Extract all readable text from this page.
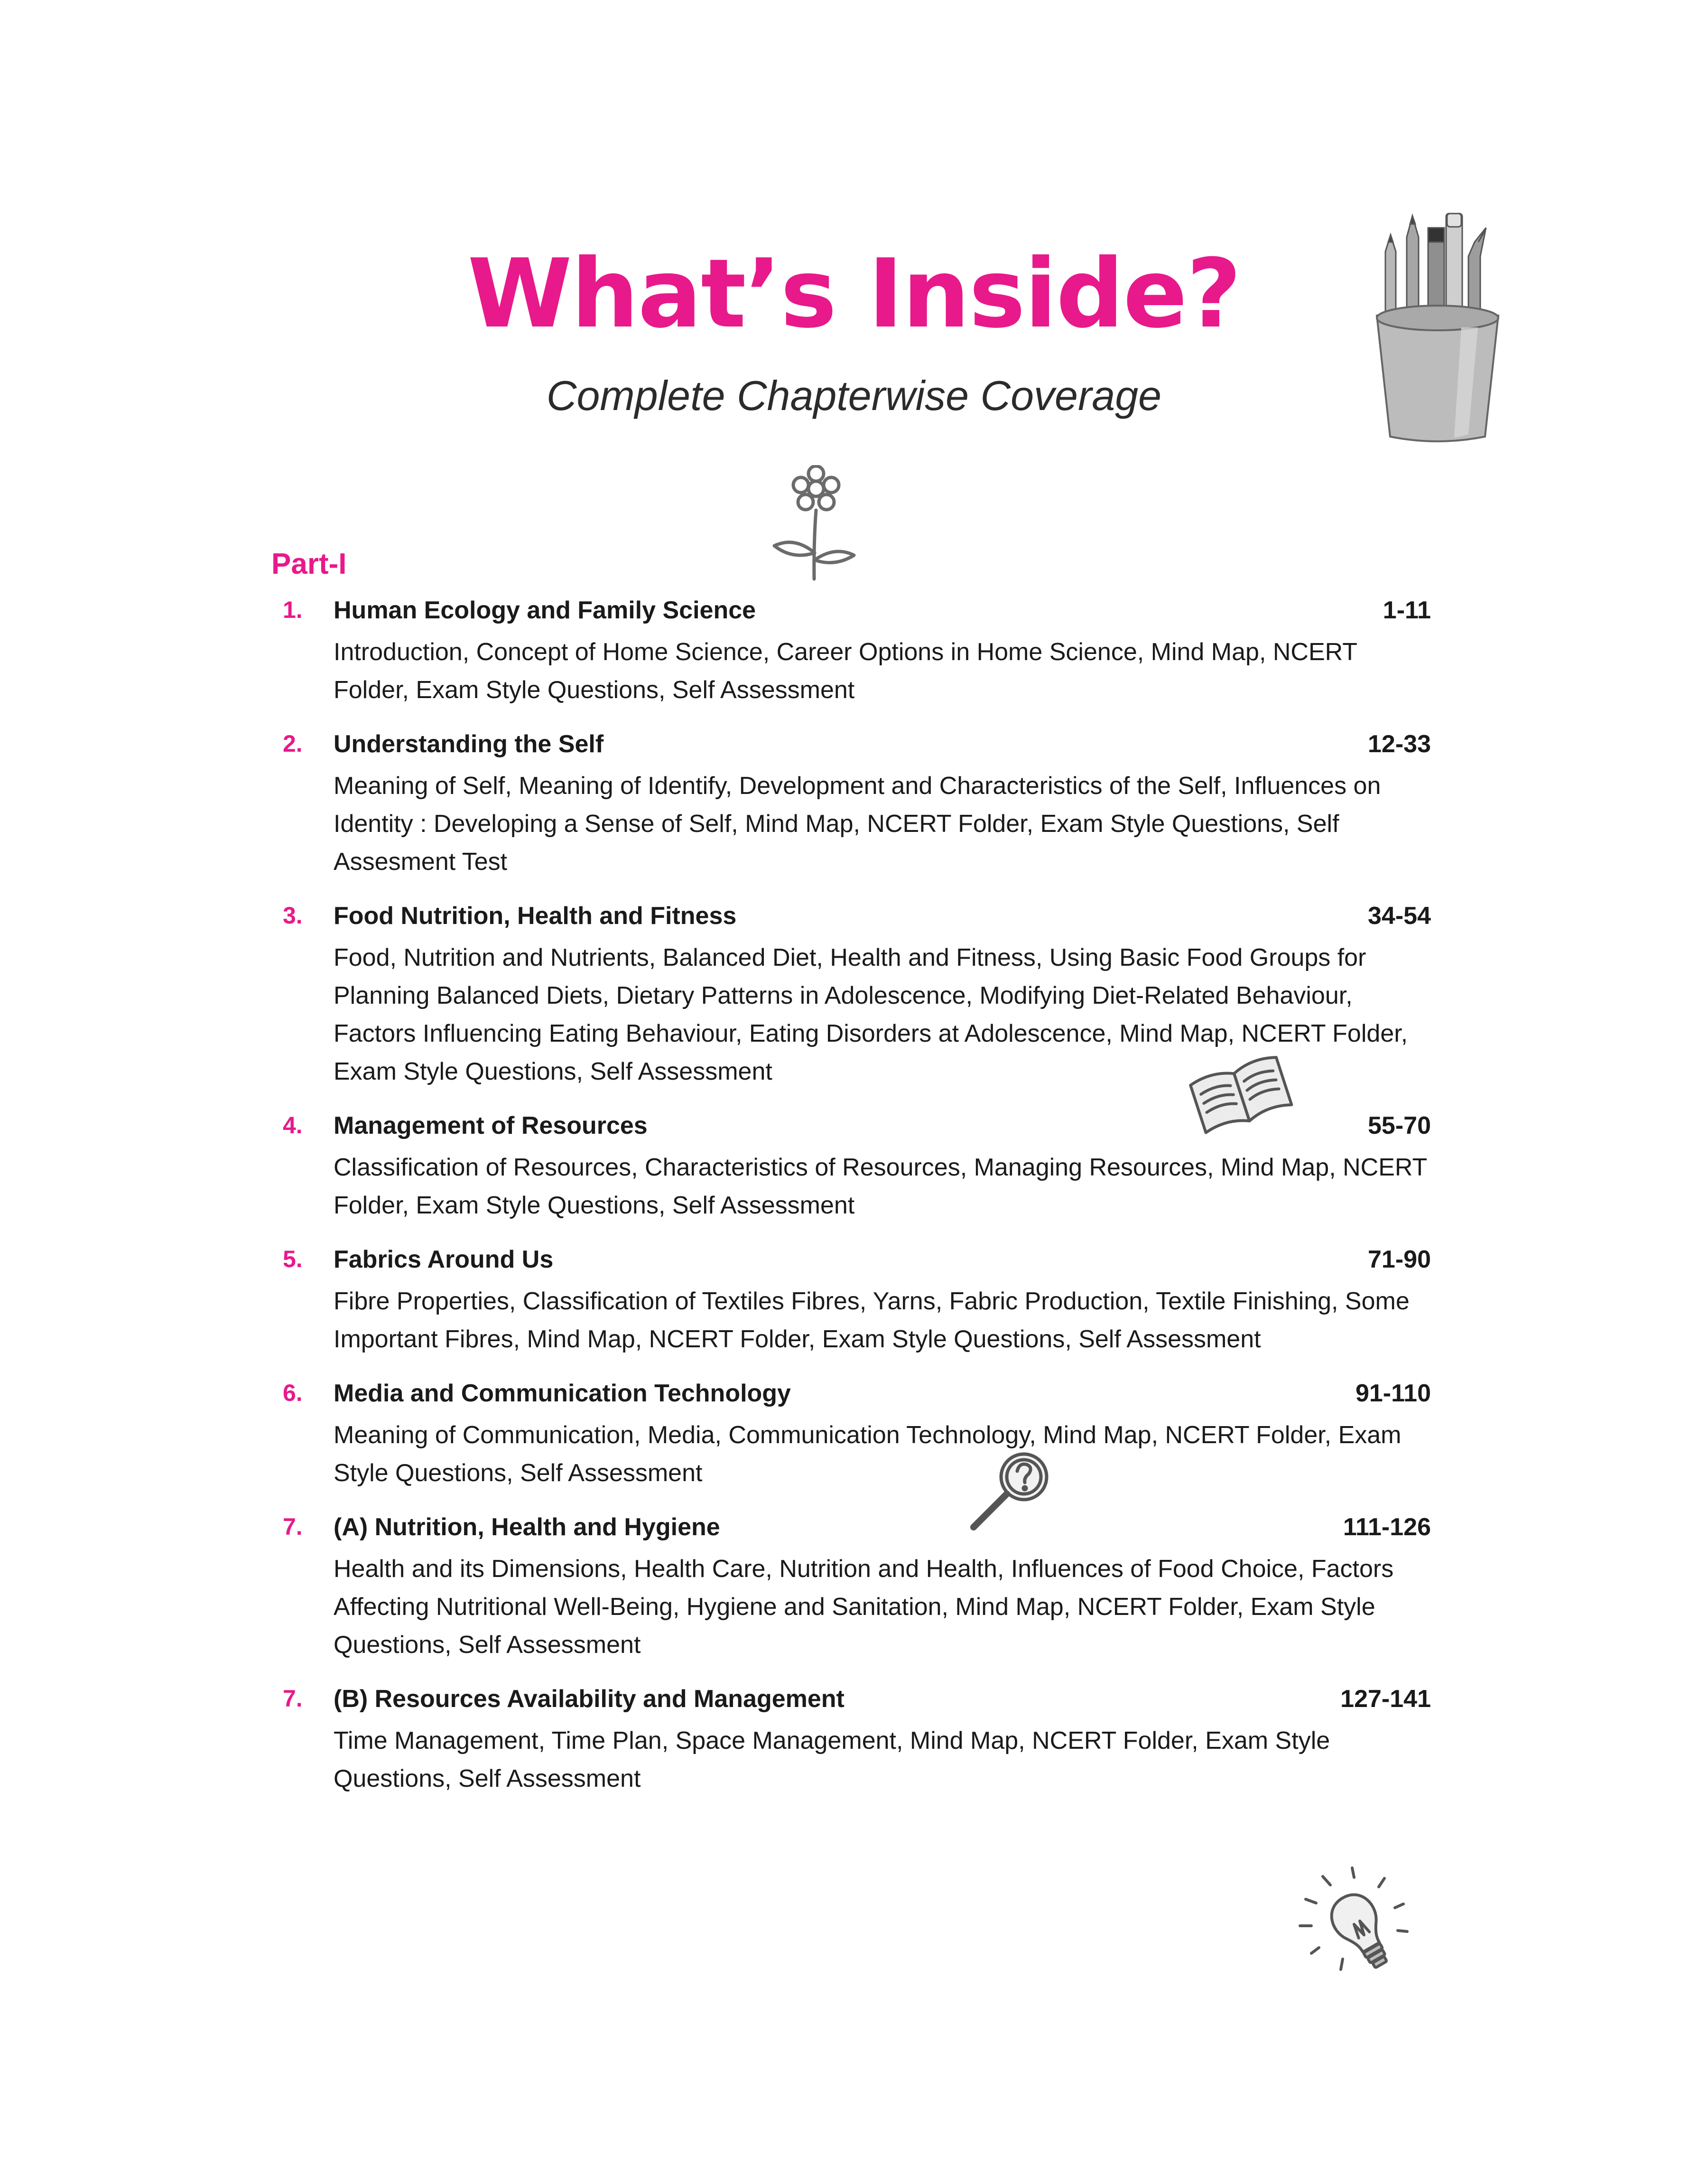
What’s Inside?
Complete Chapterwise Coverage
Part-I
1. Human Ecology and Family Science	1-11
Introduction, Concept of Home Science, Career Options in Home Science, Mind Map, NCERT Folder, Exam Style Questions, Self Assessment
2. Understanding the Self	12-33
Meaning of Self, Meaning of Identify, Development and Characteristics of the Self, Influences on Identity : Developing a Sense of Self, Mind Map, NCERT Folder, Exam Style Questions, Self Assesment Test
3. Food Nutrition, Health and Fitness	34-54
Food, Nutrition and Nutrients, Balanced Diet, Health and Fitness, Using Basic Food Groups for Planning Balanced Diets, Dietary Patterns in Adolescence, Modifying Diet-Related Behaviour, Factors Influencing Eating Behaviour, Eating Disorders at Adolescence, Mind Map, NCERT Folder, Exam Style Questions, Self Assessment
4. Management of Resources	55-70
Classification of Resources, Characteristics of Resources, Managing Resources, Mind Map, NCERT Folder, Exam Style Questions, Self Assessment
5. Fabrics Around Us	71-90
Fibre Properties, Classification of Textiles Fibres, Yarns, Fabric Production, Textile Finishing, Some Important Fibres, Mind Map, NCERT Folder, Exam Style Questions, Self Assessment
6. Media and Communication Technology	91-110
Meaning of Communication, Media, Communication Technology, Mind Map, NCERT Folder, Exam Style Questions, Self Assessment
7. (A) Nutrition, Health and Hygiene	111-126
Health and its Dimensions, Health Care, Nutrition and Health, Influences of Food Choice, Factors Affecting Nutritional Well-Being, Hygiene and Sanitation, Mind Map, NCERT Folder, Exam Style Questions, Self Assessment
7. (B) Resources Availability and Management	127-141
Time Management, Time Plan, Space Management, Mind Map, NCERT Folder, Exam Style Questions, Self Assessment
